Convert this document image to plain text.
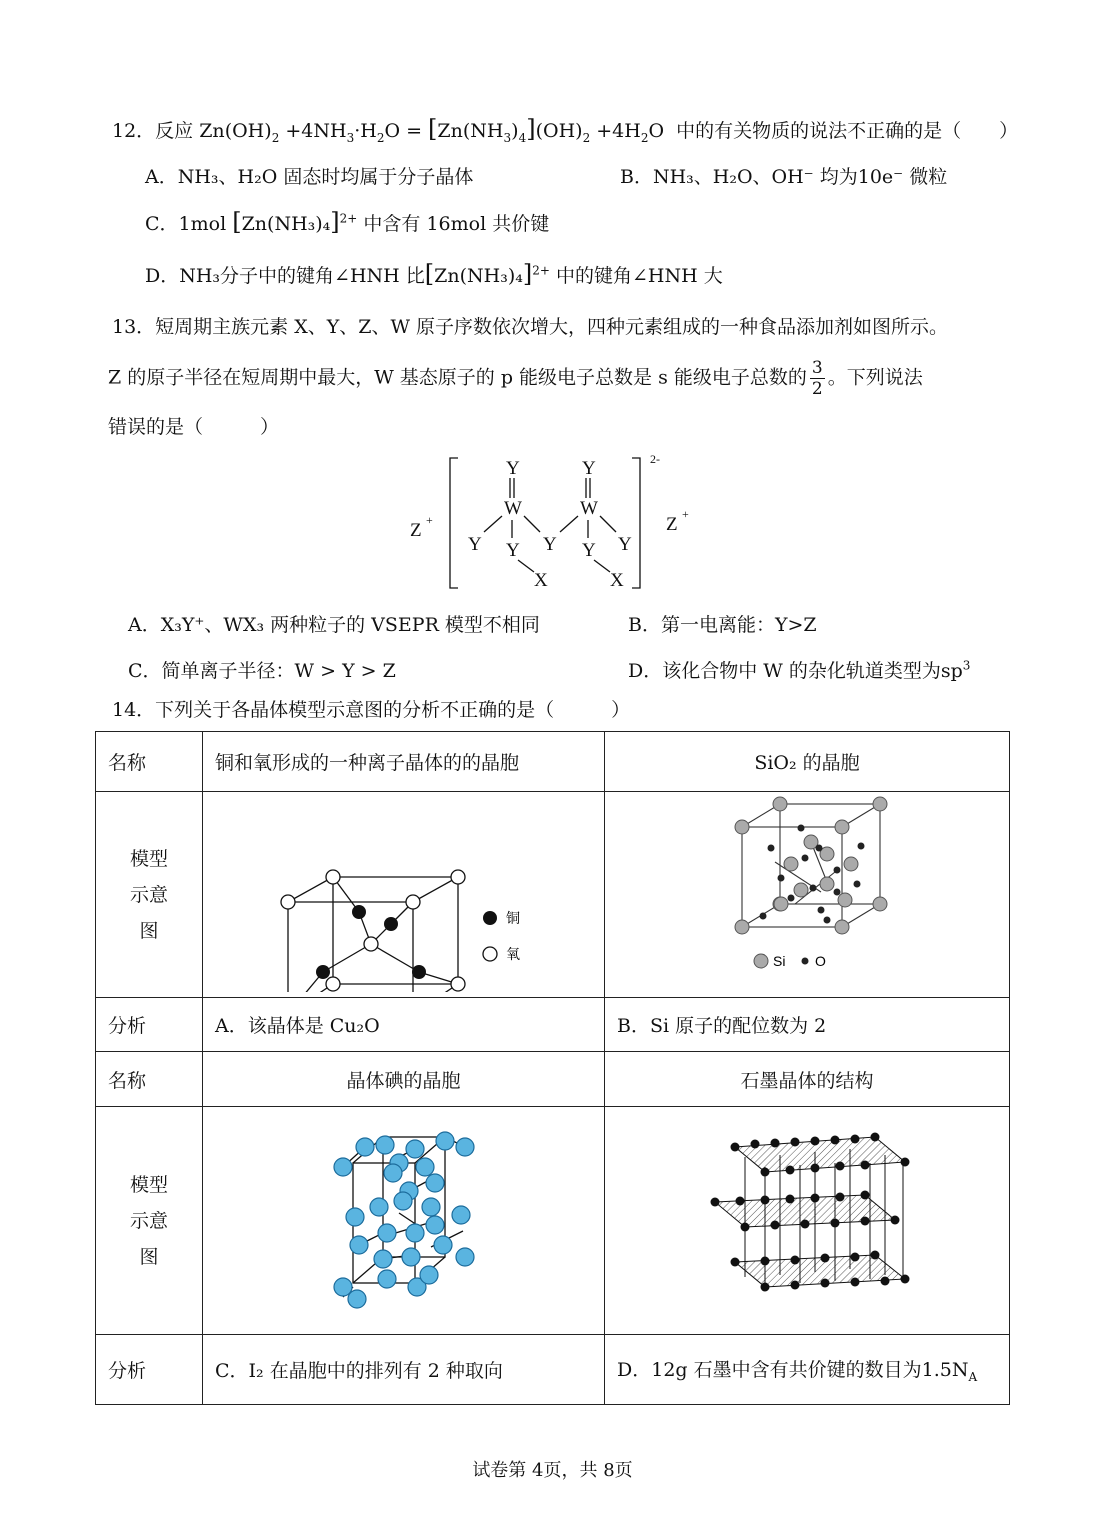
12．反应 $Zn(OH)_2 +4NH_3\cdot H_2O = [Zn(NH_3)_4](OH)_2 +4H_2O$ 中的有关物质的说法不正确的是（　　）
A．NH₃、H₂O 固态时均属于分子晶体	B．NH₃、H₂O、OH⁻ 均为10e⁻ 微粒
C．1mol $[Zn(NH_3)_4]^{2+}$ 中含有 16mol 共价键
D．NH₃分子中的键角∠HNH 比$[Zn(NH_3)_4]^{2+}$ 中的键角∠HNH 大
13．短周期主族元素 X、Y、Z、W 原子序数依次增大，四种元素组成的一种食品添加剂如图所示。
Z 的原子半径在短周期中最大，W 基态原子的 p 能级电子总数是 s 能级电子总数的 $\frac{3}{2}$ 。下列说法
错误的是（　　　）
Z +	Z +
2-
Y
W
Y
W
Y Y Y Y Y
X	X
A．X₃Y⁺、WX₃ 两种粒子的 VSEPR 模型不相同	B．第一电离能：Y>Z
C．简单离子半径：W > Y > Z	D．该化合物中 W 的杂化轨道类型为$sp^3$
14．下列关于各晶体模型示意图的分析不正确的是（　　　）
名称	铜和氧形成的一种离子晶体的的晶胞	SiO₂ 的晶胞

模型示意图	铜
氧	Si O

分析	A．该晶体是 Cu₂O	B．Si 原子的配位数为 2
名称	晶体碘的晶胞	石墨晶体的结构

模型示意图

分析	C．I₂ 在晶胞中的排列有 2 种取向	D．12g 石墨中含有共价键的数目为$1.5N_A$
试卷第 4页，共 8页
